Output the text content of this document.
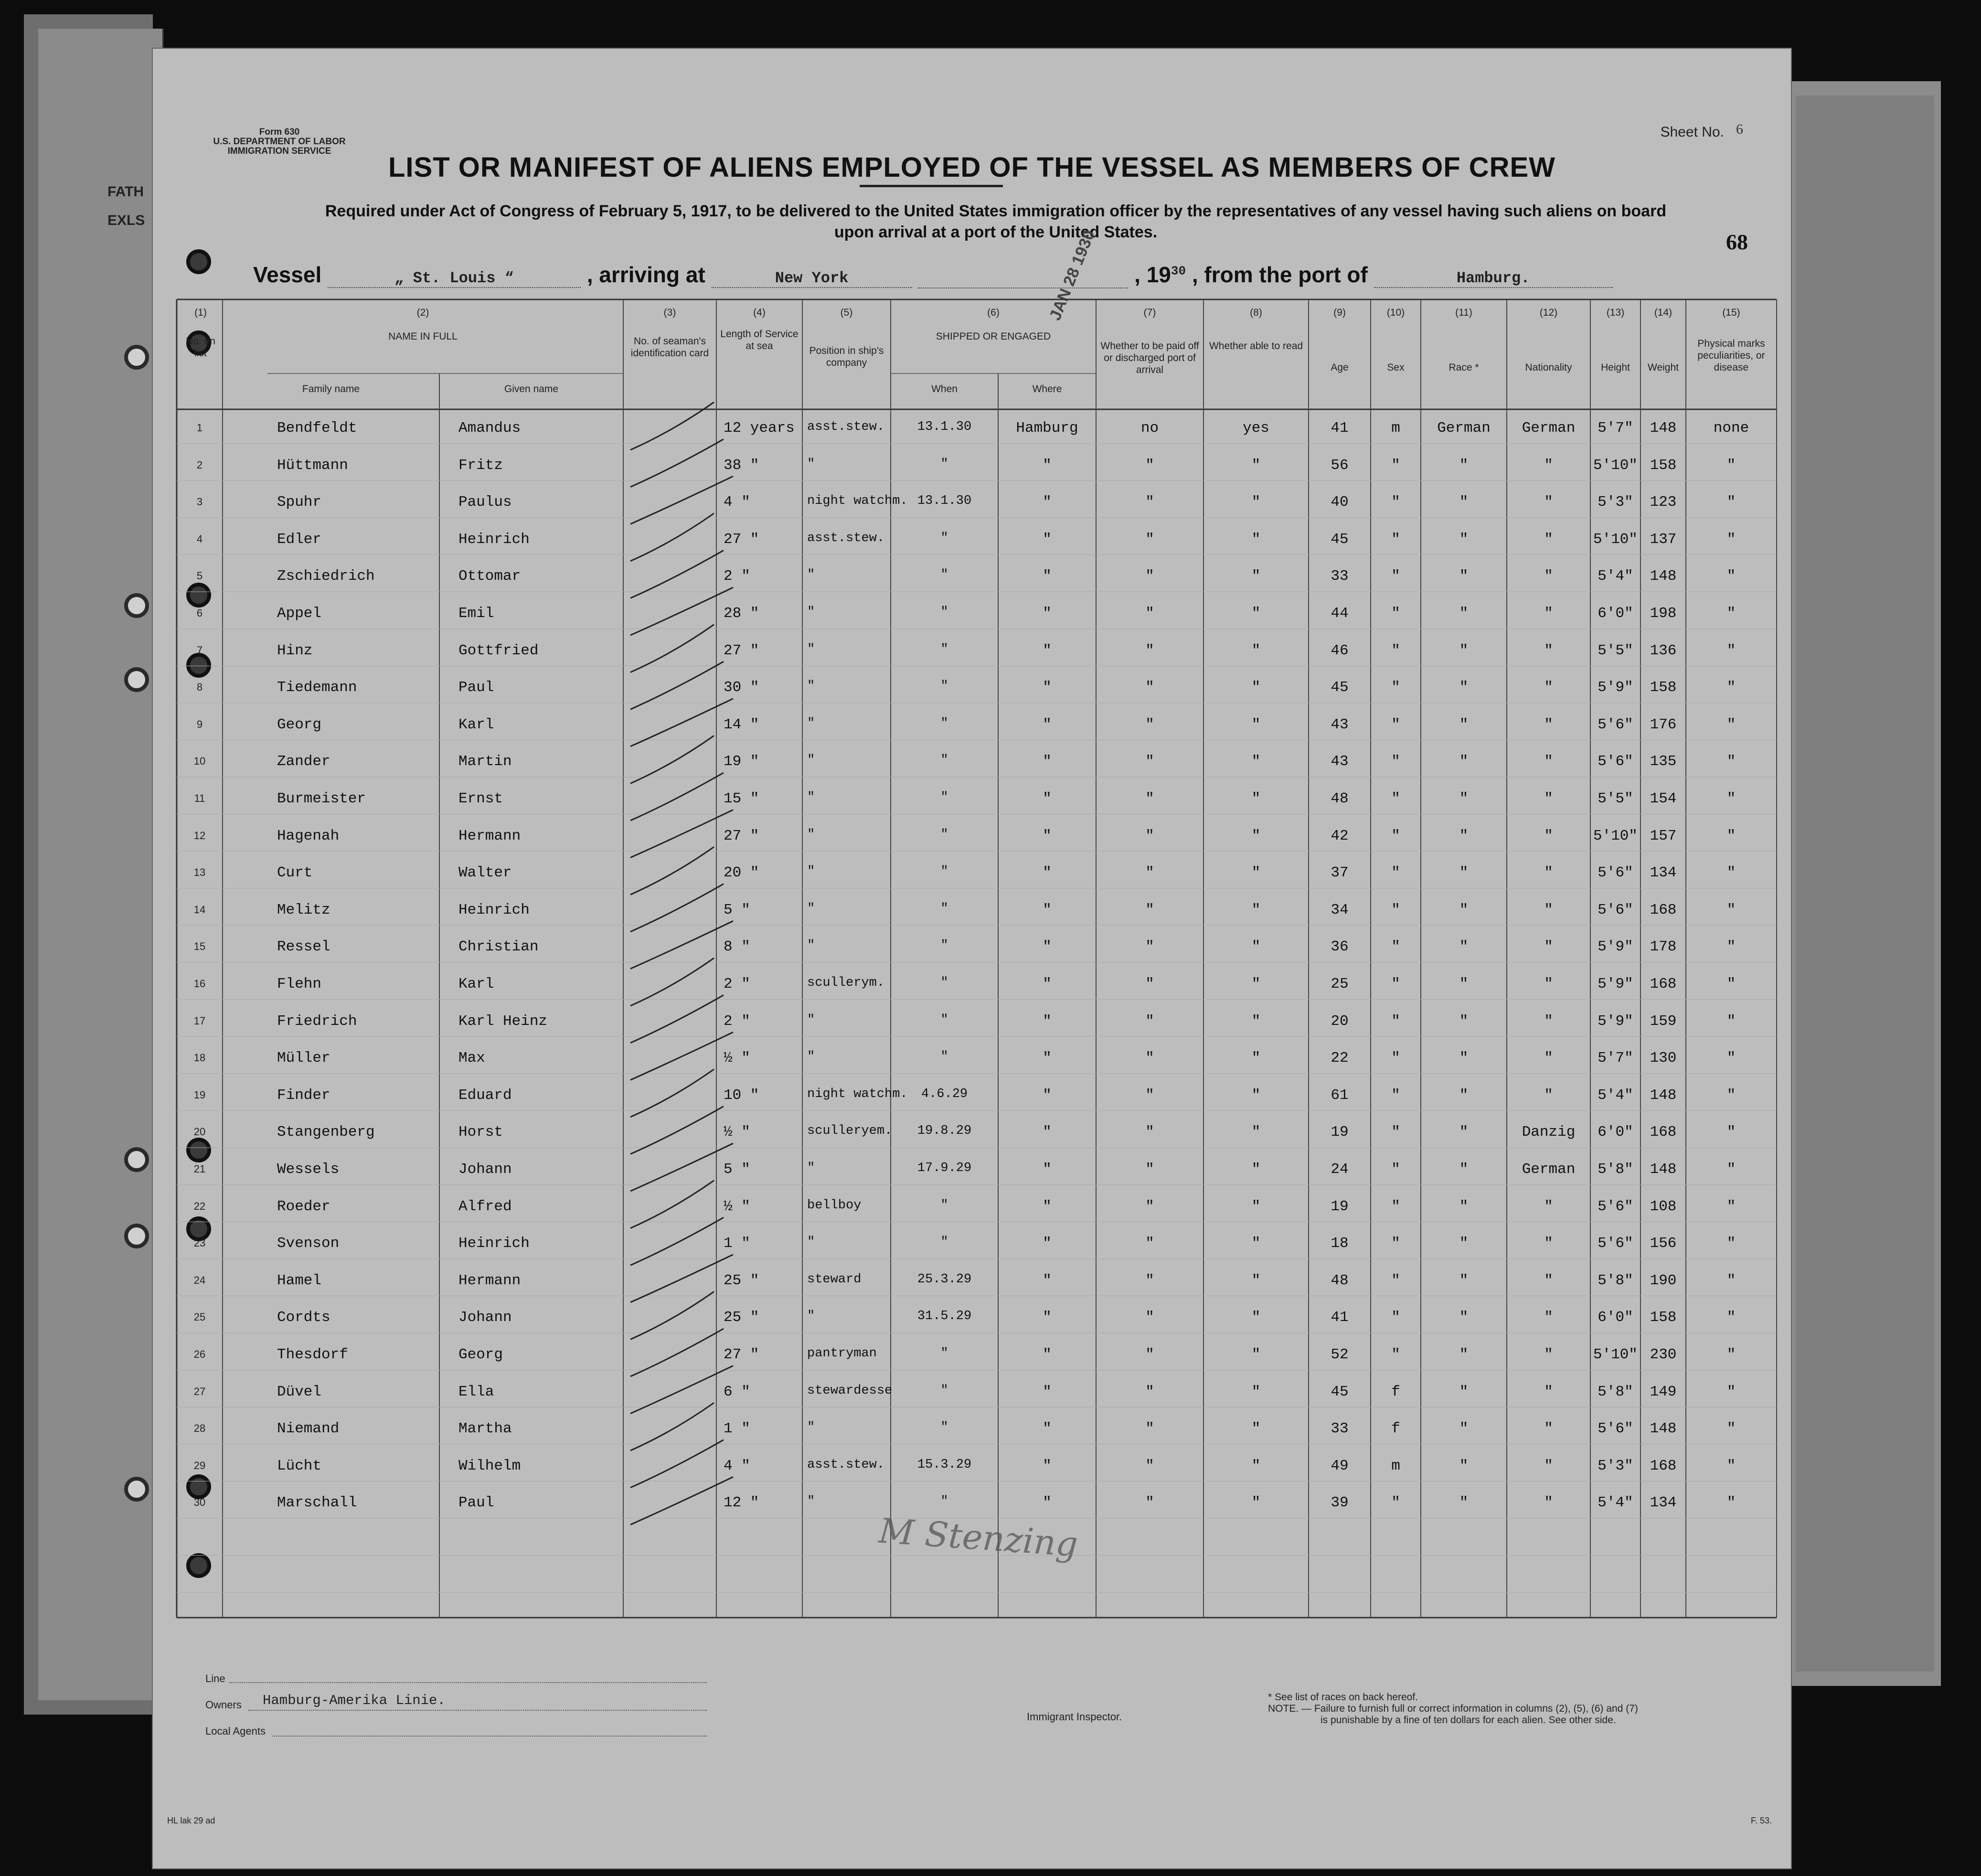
FATH
EXLS
Form 630
U.S. DEPARTMENT OF LABOR
IMMIGRATION SERVICE
Sheet No. 6
LIST OR MANIFEST OF ALIENS EMPLOYED OF THE VESSEL AS MEMBERS OF CREW
Required under Act of Congress of February 5, 1917, to be delivered to the United States immigration officer by the representatives of any vessel having such aliens on board
upon arrival at a port of the United States.	68
Vessel	„ St. Louis “	, arriving at	New York	, $19^{30}$ , from the port of	Hamburg.
JAN 28 1930
(1)
No. on list
(2)
NAME IN FULL
Family name	Given name
(3)
No. of seaman's identification card
(4)
Length of Service at sea
(5)
Position in ship's company
(6)
SHIPPED OR ENGAGED
When	Where
(7)
Whether to be paid off or discharged port of arrival
(8)
Whether able to read
(9)
Age
(10)
Sex
(11)
Race *
(12)
Nationality
(13)
Height
(14)
Weight
(15)
Physical marks peculiarities, or disease
1	Bendfeldt	Amandus	12 years asst.stew.	13.1.30	Hamburg	no	yes	41	m	German	German	5'7"	148	none
2	Hüttmann	Fritz	38 "	"	"	"	"	"	56	"	"	"	5'10" 158	"
3	Spuhr	Paulus	4 "	night watchm. 13.1.30	"	"	"	40	"	"	"	5'3"	123	"
4	Edler	Heinrich	27 "	asst.stew.	"	"	"	"	45	"	"	"	5'10" 137	"
5	Zschiedrich	Ottomar	2 "	"	"	"	"	"	33	"	"	"	5'4"	148	"
6	Appel	Emil	28 "	"	"	"	"	"	44	"	"	"	6'0"	198	"
7	Hinz	Gottfried	27 "	"	"	"	"	"	46	"	"	"	5'5"	136	"
8	Tiedemann	Paul	30 "	"	"	"	"	"	45	"	"	"	5'9"	158	"
9	Georg	Karl	14 "	"	"	"	"	"	43	"	"	"	5'6"	176	"
10	Zander	Martin	19 "	"	"	"	"	"	43	"	"	"	5'6"	135	"
11	Burmeister	Ernst	15 "	"	"	"	"	"	48	"	"	"	5'5"	154	"
12	Hagenah	Hermann	27 "	"	"	"	"	"	42	"	"	"	5'10" 157	"
13	Curt	Walter	20 "	"	"	"	"	"	37	"	"	"	5'6"	134	"
14	Melitz	Heinrich	5 "	"	"	"	"	"	34	"	"	"	5'6"	168	"
15	Ressel	Christian	8 "	"	"	"	"	"	36	"	"	"	5'9"	178	"
16	Flehn	Karl	2 "	scullerym.	"	"	"	"	25	"	"	"	5'9"	168	"
17	Friedrich	Karl Heinz	2 "	"	"	"	"	"	20	"	"	"	5'9"	159	"
18	Müller	Max	½ "	"	"	"	"	"	22	"	"	"	5'7"	130	"
19	Finder	Eduard	10 "	night watchm.	4.6.29	"	"	"	61	"	"	"	5'4"	148	"
20	Stangenberg	Horst	½ "	sculleryem.	19.8.29	"	"	"	19	"	"	Danzig	6'0"	168	"
21	Wessels	Johann	5 "	"	17.9.29	"	"	"	24	"	"	German	5'8"	148	"
22	Roeder	Alfred	½ "	bellboy	"	"	"	"	19	"	"	"	5'6"	108	"
23	Svenson	Heinrich	1 "	"	"	"	"	"	18	"	"	"	5'6"	156	"
24	Hamel	Hermann	25 "	steward	25.3.29	"	"	"	48	"	"	"	5'8"	190	"
25	Cordts	Johann	25 "	"	31.5.29	"	"	"	41	"	"	"	6'0"	158	"
26	Thesdorf	Georg	27 "	pantryman	"	"	"	"	52	"	"	"	5'10" 230	"
27	Düvel	Ella	6 "	stewardesse	"	"	"	"	45	f	"	"	5'8"	149	"
28	Niemand	Martha	1 "	"	"	"	"	"	33	f	"	"	5'6"	148	"
29	Lücht	Wilhelm	4 "	asst.stew.	15.3.29	"	"	"	49	m	"	"	5'3"	168	"
30	Marschall	Paul	12 "	"	"	"	"	"	39	"	"	"	5'4"	134	"
M Stenzing
Line
Owners Hamburg-Amerika Linie.
Local Agents
Immigrant Inspector.
* See list of races on back hereof.
NOTE. — Failure to furnish full or correct information in columns (2), (5), (6) and (7)
is punishable by a fine of ten dollars for each alien. See other side.
HL lak 29 ad	F. 53.
